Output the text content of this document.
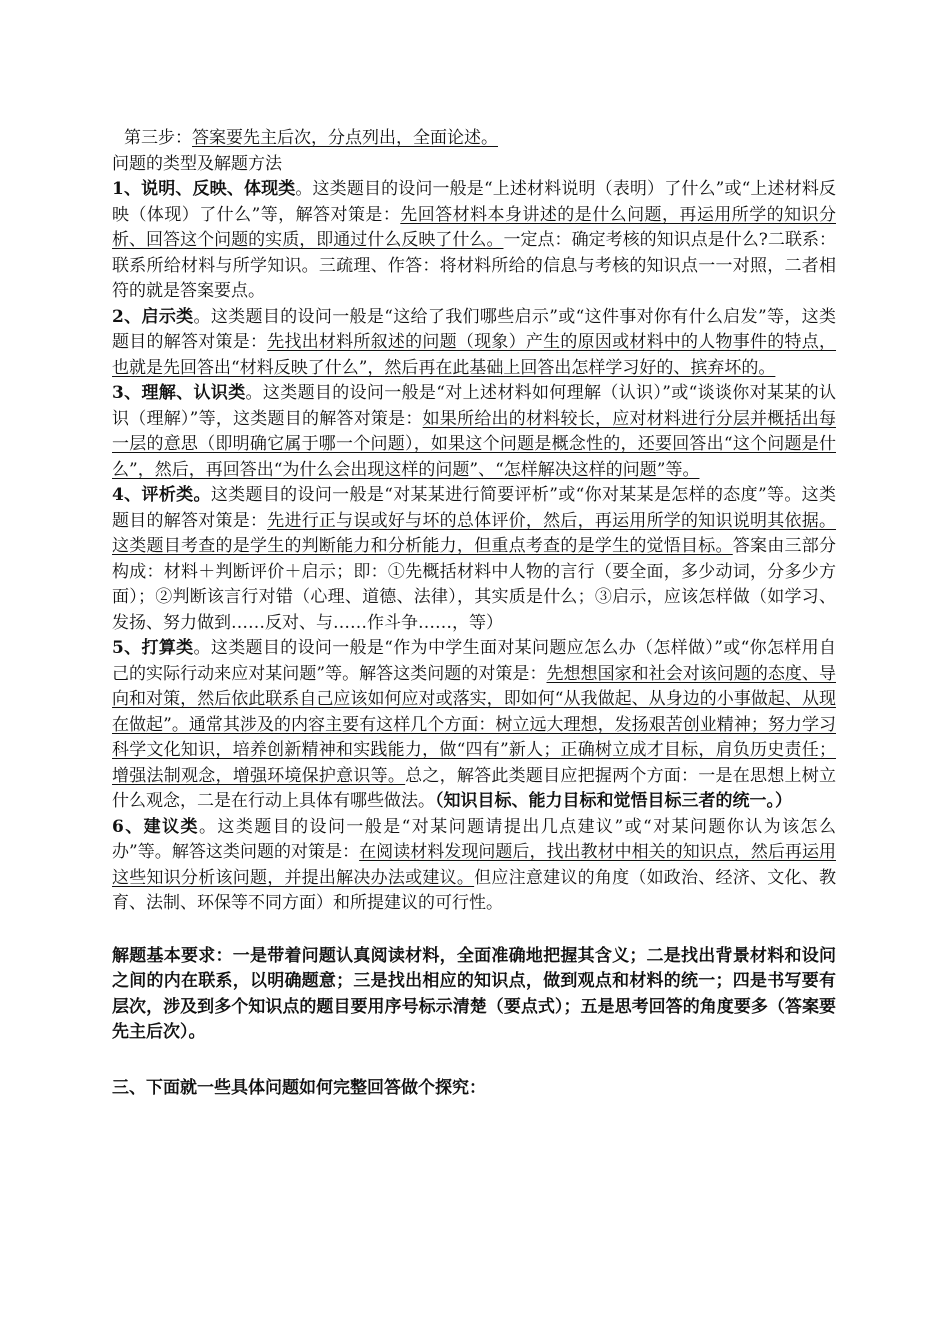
第三步：答案要先主后次，分点列出，全面论述。

问题的类型及解题方法

1、说明、反映、体现类。这类题目的设问一般是“上述材料说明（表明）了什么”或“上述材料反映（体现）了什么”等，解答对策是：先回答材料本身讲述的是什么问题，再运用所学的知识分析、回答这个问题的实质，即通过什么反映了什么。一定点：确定考核的知识点是什么?二联系：联系所给材料与所学知识。三疏理、作答：将材料所给的信息与考核的知识点一一对照，二者相符的就是答案要点。

2、启示类。这类题目的设问一般是“这给了我们哪些启示”或“这件事对你有什么启发”等，这类题目的解答对策是：先找出材料所叙述的问题（现象）产生的原因或材料中的人物事件的特点，也就是先回答出“材料反映了什么”，然后再在此基础上回答出怎样学习好的、摈弃坏的。

3、理解、认识类。这类题目的设问一般是“对上述材料如何理解（认识）”或“谈谈你对某某的认识（理解）”等，这类题目的解答对策是：如果所给出的材料较长，应对材料进行分层并概括出每一层的意思（即明确它属于哪一个问题），如果这个问题是概念性的，还要回答出“这个问题是什么”，然后，再回答出“为什么会出现这样的问题”、“怎样解决这样的问题”等。

4、评析类。这类题目的设问一般是“对某某进行简要评析”或“你对某某是怎样的态度”等。这类题目的解答对策是：先进行正与误或好与坏的总体评价，然后，再运用所学的知识说明其依据。这类题目考查的是学生的判断能力和分析能力，但重点考查的是学生的觉悟目标。答案由三部分构成：材料＋判断评价＋启示；即：①先概括材料中人物的言行（要全面，多少动词，分多少方面）；②判断该言行对错（心理、道德、法律），其实质是什么；③启示，应该怎样做（如学习、发扬、努力做到……反对、与……作斗争……，等）

5、打算类。这类题目的设问一般是“作为中学生面对某问题应怎么办（怎样做）”或“你怎样用自己的实际行动来应对某问题”等。解答这类问题的对策是：先想想国家和社会对该问题的态度、导向和对策，然后依此联系自己应该如何应对或落实，即如何“从我做起、从身边的小事做起、从现在做起”。通常其涉及的内容主要有这样几个方面：树立远大理想，发扬艰苦创业精神；努力学习科学文化知识，培养创新精神和实践能力，做“四有”新人；正确树立成才目标，肩负历史责任；增强法制观念，增强环境保护意识等。总之，解答此类题目应把握两个方面：一是在思想上树立什么观念，二是在行动上具体有哪些做法。（知识目标、能力目标和觉悟目标三者的统一。）

6、建议类。这类题目的设问一般是“对某问题请提出几点建议”或“对某问题你认为该怎么办”等。解答这类问题的对策是：在阅读材料发现问题后，找出教材中相关的知识点，然后再运用这些知识分析该问题，并提出解决办法或建议。但应注意建议的角度（如政治、经济、文化、教育、法制、环保等不同方面）和所提建议的可行性。

解题基本要求：一是带着问题认真阅读材料，全面准确地把握其含义；二是找出背景材料和设问之间的内在联系，以明确题意；三是找出相应的知识点，做到观点和材料的统一；四是书写要有层次，涉及到多个知识点的题目要用序号标示清楚（要点式）；五是思考回答的角度要多（答案要先主后次）。

三、下面就一些具体问题如何完整回答做个探究：
